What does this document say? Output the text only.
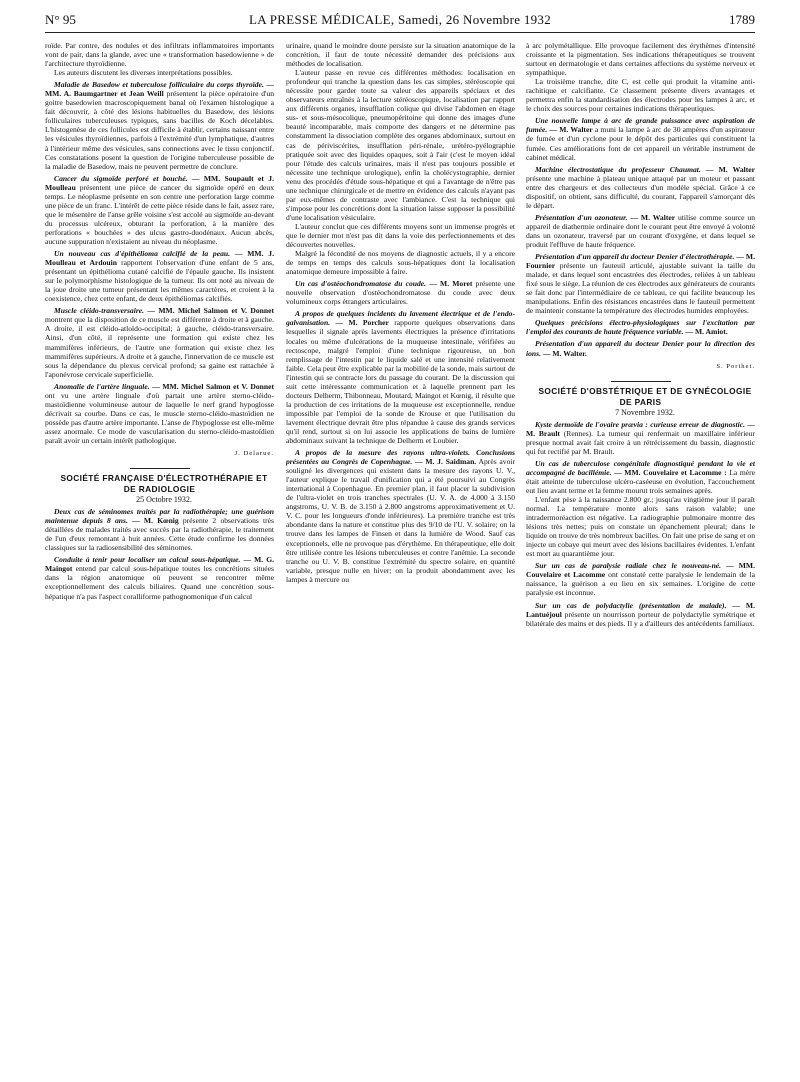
N° 95	LA PRESSE MÉDICALE, Samedi, 26 Novembre 1932	1789

roïde. Par contre, des nodules et des infiltrats inflammatoires importants vont de pair, dans la glande, avec une « transformation basedowienne » de l'architecture thyroïdienne.

Les auteurs discutent les diverses interprétations possibles.

Maladie de Basedow et tuberculose folliculaire du corps thyroïde. — MM. A. Baumgartner et Jean Weill présentent la pièce opératoire d'un goitre basedowien macroscopiquement banal où l'examen histologique a fait découvrir, à côté des lésions habituelles du Basedow, des lésions folliculaires tuberculeuses typiques, sans bacilles de Koch décelables. L'histogenèse de ces follicules est difficile à établir, certains naissant entre les vésicules thyroïdiennes, parfois à l'extrémité d'un lymphatique, d'autres à l'intérieur même des vésicules, sans connections avec le tissu conjonctif. Ces constatations posent la question de l'origine tuberculeuse possible de la maladie de Basedow, mais ne peuvent permettre de conclure.

Cancer du sigmoïde perforé et bouché. — MM. Soupault et J. Moulleau présentent une pièce de cancer du sigmoïde opéré en deux temps. Le néoplasme présente en son centre une perforation large comme une pièce de un franc. L'intérêt de cette pièce réside dans le fait, assez rare, que le mésentère de l'anse grêle voisine s'est accolé au sigmoïde au-devant du processus ulcéreux, obturant la perforation, à la manière des perforations « bouchées » des ulcus gastro-duodénaux. Aucun abcès, aucune suppuration n'existaient au niveau du néoplasme.

Un nouveau cas d'épithélioma calcifié de la peau. — MM. J. Moulleau et Ardouin rapportent l'observation d'une enfant de 5 ans, présentant un épithélioma cutané calcifié de l'épaule gauche. Ils insistent sur le polymorphisme histologique de la tumeur. Ils ont noté au niveau de la joue droite une tumeur présentant les mêmes caractères, et croient à la coexistence, chez cette enfant, de deux épithéliomas calcifiés.

Muscle cléido-transversaire. — MM. Michel Salmon et V. Donnet montrent que la disposition de ce muscle est différente à droite et à gauche. A droite, il est cléido-atloïdo-occipital; à gauche, cléido-transversaire. Ainsi, d'un côté, il représente une formation qui existe chez les mammifères inférieurs, de l'autre une formation qui existe chez les mammifères supérieurs. A droite et à gauche, l'innervation de ce muscle est sous la dépendance du plexus cervical profond; sa gaine est rattachée à l'aponévrose cervicale superficielle.

Anomalie de l'artère linguale. — MM. Michel Salmon et V. Donnet ont vu une artère linguale d'où partait une artère sterno-cléido-mastoïdienne volumineuse autour de laquelle le nerf grand hypoglosse décrivait sa courbe. Dans ce cas, le muscle sterno-cléido-mastoïdien ne possède pas d'autre artère importante. L'anse de l'hypoglosse est elle-même assez anormale. Ce mode de vascularisation du sterno-cléido-mastoïdien paraît avoir un certain intérêt pathologique.

J. Delarue.

SOCIÉTÉ FRANÇAISE D'ÉLECTROTHÉRAPIE ET DE RADIOLOGIE

25 Octobre 1932.

Deux cas de séminomes traités par la radiothérapie; une guérison maintenue depuis 8 ans. — M. Kœnig présente 2 observations très détaillées de malades traités avec succès par la radiothérapie, le traitement de l'un d'eux remontant à huit années. Cette étude confirme les données classiques sur la radiosensibilité des séminomes.

Conduite à tenir pour localiser un calcul sous-hépatique. — M. G. Maingot entend par calcul sous-hépatique toutes les concrétions situées dans la région anatomique où peuvent se rencontrer même exceptionnellement des calculs biliaires. Quand une concrétion sous-hépatique n'a pas l'aspect coralliforme pathognomonique d'un calcul

urinaire, quand le moindre doute persiste sur la situation anatomique de la concrétion, il faut de toute nécessité demander des précisions aux méthodes de localisation.

L'auteur passe en revue ces différentes méthodes: localisation en profondeur qui tranche la question dans les cas simples, stéréoscopie qui nécessite pour garder toute sa valeur des appareils spéciaux et des observateurs entraînés à la lecture stéréoscopique, localisation par rapport aux différents organes, insufflation colique qui divise l'abdomen en étage sus- et sous-mésocolique, pneumopéritoine qui donne des images d'une beauté incomparable, mais comporte des dangers et ne détermine pas constamment la dissociation complète des organes abdominaux, surtout en cas de périviscérites, insufflation péri-rénale, urétéro-pyélographie pratiquée soit avec des liquides opaques, soit à l'air (c'est le moyen idéal pour l'étude des calculs urinaires, mais il n'est pas toujours possible et nécessite une technique urologique), enfin la cholécystographie, dernier venu des procédés d'étude sous-hépatique et qui a l'avantage de n'être pas une technique chirurgicale et de mettre en évidence des calculs n'ayant pas par eux-mêmes de contraste avec l'ambiance. C'est la technique qui s'impose pour les concrétions dont la situation laisse supposer la possibilité d'une localisation vésiculaire.

L'auteur conclut que ces différents moyens sont un immense progrès et que le dernier mot n'est pas dit dans la voie des perfectionnements et des découvertes nouvelles.

Malgré la fécondité de nos moyens de diagnostic actuels, il y a encore de temps en temps des calculs sous-hépatiques dont la localisation anatomique demeure impossible à faire.

Un cas d'ostéochondromatose du coude. — M. Moret présente une nouvelle observation d'ostéochondromatose du coude avec deux volumineux corps étrangers articulaires.

A propos de quelques incidents du lavement électrique et de l'endo-galvanisation. — M. Porcher rapporte quelques observations dans lesquelles il signale après lavements électriques la présence d'irritations locales ou même d'ulcérations de la muqueuse intestinale, vérifiées au rectoscope, malgré l'emploi d'une technique rigoureuse, un bon remplissage de l'intestin par le liquide salé et une intensité relativement faible. Cela peut être explicable par la mobilité de la sonde, mais surtout de l'intestin qui se contracte lors du passage du courant. De la discussion qui suit cette intéressante communication et à laquelle prennent part les docteurs Delherm, Thibonneau, Moutard, Maingot et Kœnig, il résulte que la production de ces irritations de la muqueuse est exceptionnelle, rendue impossible par l'emploi de la sonde de Krouse et que l'utilisation du lavement électrique devrait être plus répandue à cause des grands services qu'il rend, surtout si on lui associe les applications de bains de lumière abdominaux suivant la technique de Delherm et Loubier.

A propos de la mesure des rayons ultra-violets. Conclusions présentées au Congrès de Copenhague. — M. J. Saidman. Après avoir souligné les divergences qui existent dans la mesure des rayons U. V., l'auteur explique le travail d'unification qui a été poursuivi au Congrès international à Copenhague. En premier plan, il faut placer la subdivision de l'ultra-violet en trois tranches spectrales (U. V. A. de 4.000 à 3.150 angstroms, U. V. B. de 3.150 à 2.800 angstroms approximativement et U. V. C. pour les longueurs d'onde inférieures). La première tranche est très abondante dans la nature et constitue plus des 9/10 de l'U. V. solaire; on la trouve dans les lampes de Finsen et dans la lumière de Wood. Sauf cas exceptionnels, elle ne provoque pas d'érythème. En thérapeutique, elle doit être utilisée contre les lésions tuberculeuses et contre l'anémie. La seconde tranche ou U. V. B. constitue l'extrémité du spectre solaire, en quantité variable, presque nulle en hiver; on la produit abondamment avec les lampes à mercure ou

à arc polymétallique. Elle provoque facilement des érythèmes d'intensité croissante et la pigmentation. Ses indications thérapeutiques se trouvent surtout en dermatologie et dans certaines affections du système nerveux et sympathique.

La troisième tranche, dite C, est celle qui produit la vitamine anti-rachitique et calcifiante. Ce classement présente divers avantages et permettra enfin la standardisation des électrodes pour les lampes à arc, et le choix des sources pour certaines indications thérapeutiques.

Une nouvelle lampe à arc de grande puissance avec aspiration de fumée. — M. Walter a muni la lampe à arc de 30 ampères d'un aspirateur de fumée et d'un cyclone pour le dépôt des particules qui constituent la fumée. Ces améliorations font de cet appareil un véritable instrument de cabinet médical.

Machine électrostatique du professeur Chaumat. — M. Walter présente une machine à plateau unique attaqué par un moteur et passant entre des chargeurs et des collecteurs d'un modèle spécial. Grâce à ce dispositif, on obtient, sans difficulté, du courant, l'appareil s'amorçant dès le départ.

Présentation d'un ozonateur. — M. Walter utilise comme source un appareil de diathermie ordinaire dont le courant peut être envoyé à volonté dans un ozonateur, traversé par un courant d'oxygène, et dans lequel se produit l'effluve de haute fréquence.

Présentation d'un appareil du docteur Denier d'électrothérapie. — M. Fournier présente un fauteuil articulé, ajustable suivant la taille du malade, et dans lequel sont encastrées des électrodes, reliées à un tableau fixé sous le siège. La réunion de ces électrodes aux générateurs de courants se fait donc par l'intermédiaire de ce tableau, ce qui facilite beaucoup les manipulations. Enfin des résistances encastrées dans le fauteuil permettent de maintenir constante la température des électrodes humides employées.

Quelques précisions électro-physiologiques sur l'excitation par l'emploi des courants de haute fréquence variable. — M. Amiot.

Présentation d'un appareil du docteur Denier pour la direction des ions. — M. Walter.

S. Porthet.

SOCIÉTÉ D'OBSTÉTRIQUE ET DE GYNÉCOLOGIE DE PARIS

7 Novembre 1932.

Kyste dermoïde de l'ovaire prævia : curieuse erreur de diagnostic. — M. Brault (Rennes). La tumeur qui renfermait un maxillaire inférieur presque normal avait fait croire à un rétrécissement du bassin, diagnostic qui fut rectifié par M. Brault.

Un cas de tuberculose congénitale diagnostiqué pendant la vie et accompagné de bacillémie. — MM. Couvelaire et Lacomme : La mère était atteinte de tuberculose ulcéro-caséeuse en évolution, l'accouchement eut lieu avant terme et la femme mourut trois semaines après.

L'enfant pèse à la naissance 2.800 gr.; jusqu'au vingtième jour il paraît normal. La température monte alors sans raison valable; une intradermoréaction est négative. La radiographie pulmonaire montre des lésions très nettes; puis on constate un épanchement pleural; dans le liquide on trouve de très nombreux bacilles. On fait une prise de sang et on injecte un cobaye qui meurt avec des lésions bacillaires évidentes. L'enfant est mort au quarantième jour.

Sur un cas de paralysie radiale chez le nouveau-né. — MM. Couvelaire et Lacomme ont constaté cette paralysie le lendemain de la naissance, la guérison a eu lieu en six semaines. L'origine de cette paralysie est inconnue.

Sur un cas de polydactylie (présentation de malade). — M. Lantuéjoul présente un nourrisson porteur de polydactylie symétrique et bilatérale des mains et des pieds. Il y a d'ailleurs des antécédents familiaux.
